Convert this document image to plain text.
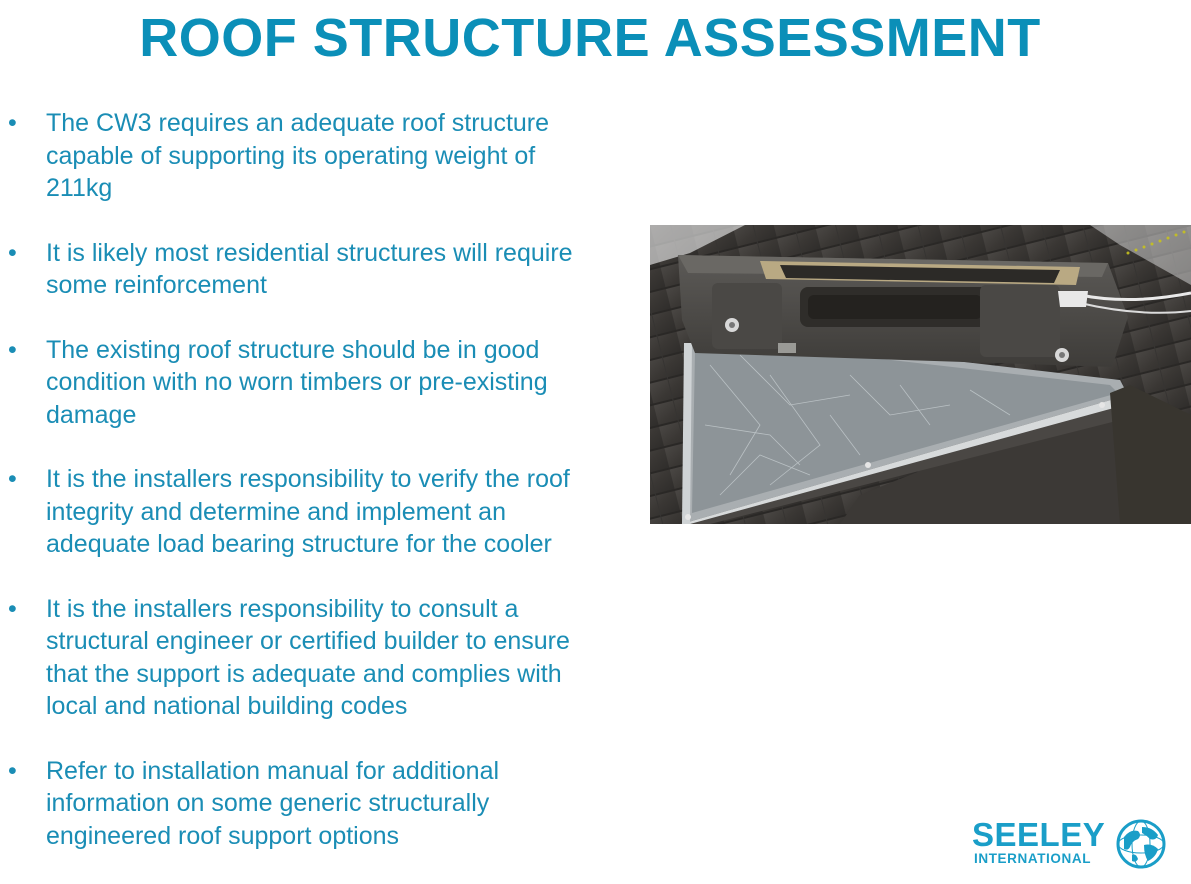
ROOF STRUCTURE ASSESSMENT
• The CW3 requires an adequate roof structure
capable of supporting its operating weight of
211kg
• It is likely most residential structures will require
some reinforcement
• The existing roof structure should be in good
condition with no worn timbers or pre-existing
damage
• It is the installers responsibility to verify the roof
integrity and determine and implement an
adequate load bearing structure for the cooler
• It is the installers responsibility to consult a
structural engineer or certified builder to ensure
that the support is adequate and complies with
local and national building codes
• Refer to installation manual for additional
information on some generic structurally
engineered roof support options	SEELEY
INTERNATIONAL
